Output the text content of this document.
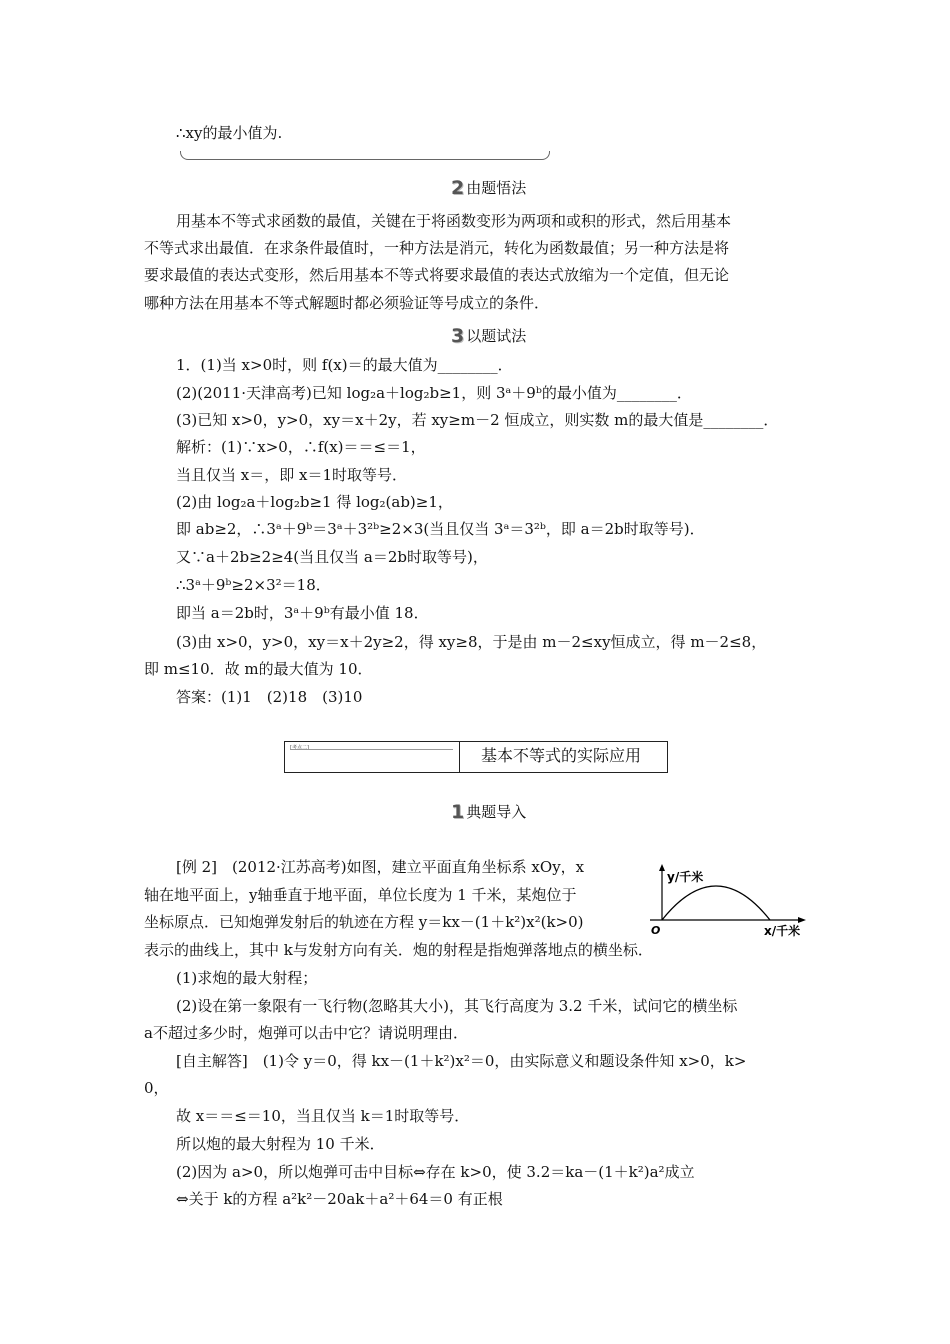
∴xy的最小值为.
2 由题悟法
用基本不等式求函数的最值，关键在于将函数变形为两项和或积的形式，然后用基本
不等式求出最值．在求条件最值时，一种方法是消元，转化为函数最值；另一种方法是将
要求最值的表达式变形，然后用基本不等式将要求最值的表达式放缩为一个定值，但无论
哪种方法在用基本不等式解题时都必须验证等号成立的条件．
3 以题试法
1．(1)当 x>0时，则 f(x)＝的最大值为________．
(2)(2011·天津高考)已知 log₂a＋log₂b≥1，则 3ᵃ＋9ᵇ的最小值为________．
(3)已知 x>0，y>0，xy＝x＋2y，若 xy≥m－2 恒成立，则实数 m的最大值是________．
解析：(1)∵x>0，∴f(x)＝＝≤＝1，
当且仅当 x＝，即 x＝1时取等号．
(2)由 log₂a＋log₂b≥1 得 log₂(ab)≥1，
即 ab≥2，∴3ᵃ＋9ᵇ＝3ᵃ＋3²ᵇ≥2×3(当且仅当 3ᵃ＝3²ᵇ，即 a＝2b时取等号)．
又∵a＋2b≥2≥4(当且仅当 a＝2b时取等号)，
∴3ᵃ＋9ᵇ≥2×3²＝18．
即当 a＝2b时，3ᵃ＋9ᵇ有最小值 18．
(3)由 x>0，y>0，xy＝x＋2y≥2，得 xy≥8，于是由 m－2≤xy恒成立，得 m－2≤8，
即 m≤10．故 m的最大值为 10．
答案：(1)1　(2)18　(3)10
[考点二]	基本不等式的实际应用
1 典题导入
[例 2]　(2012·江苏高考)如图，建立平面直角坐标系 xOy，x
轴在地平面上，y轴垂直于地平面，单位长度为 1 千米，某炮位于
坐标原点．已知炮弹发射后的轨迹在方程 y＝kx－(1＋k²)x²(k>0)
表示的曲线上，其中 k与发射方向有关．炮的射程是指炮弹落地点的横坐标．
(1)求炮的最大射程；
(2)设在第一象限有一飞行物(忽略其大小)，其飞行高度为 3.2 千米，试问它的横坐标
a不超过多少时，炮弹可以击中它？请说明理由．
[自主解答]　(1)令 y＝0，得 kx－(1＋k²)x²＝0，由实际意义和题设条件知 x>0，k>
0，
故 x＝＝≤＝10，当且仅当 k＝1时取等号．
所以炮的最大射程为 10 千米．
(2)因为 a>0，所以炮弹可击中目标⇔存在 k>0，使 3.2＝ka－(1＋k²)a²成立
⇔关于 k的方程 a²k²－20ak＋a²＋64＝0 有正根
y/千米
x/千米
O
